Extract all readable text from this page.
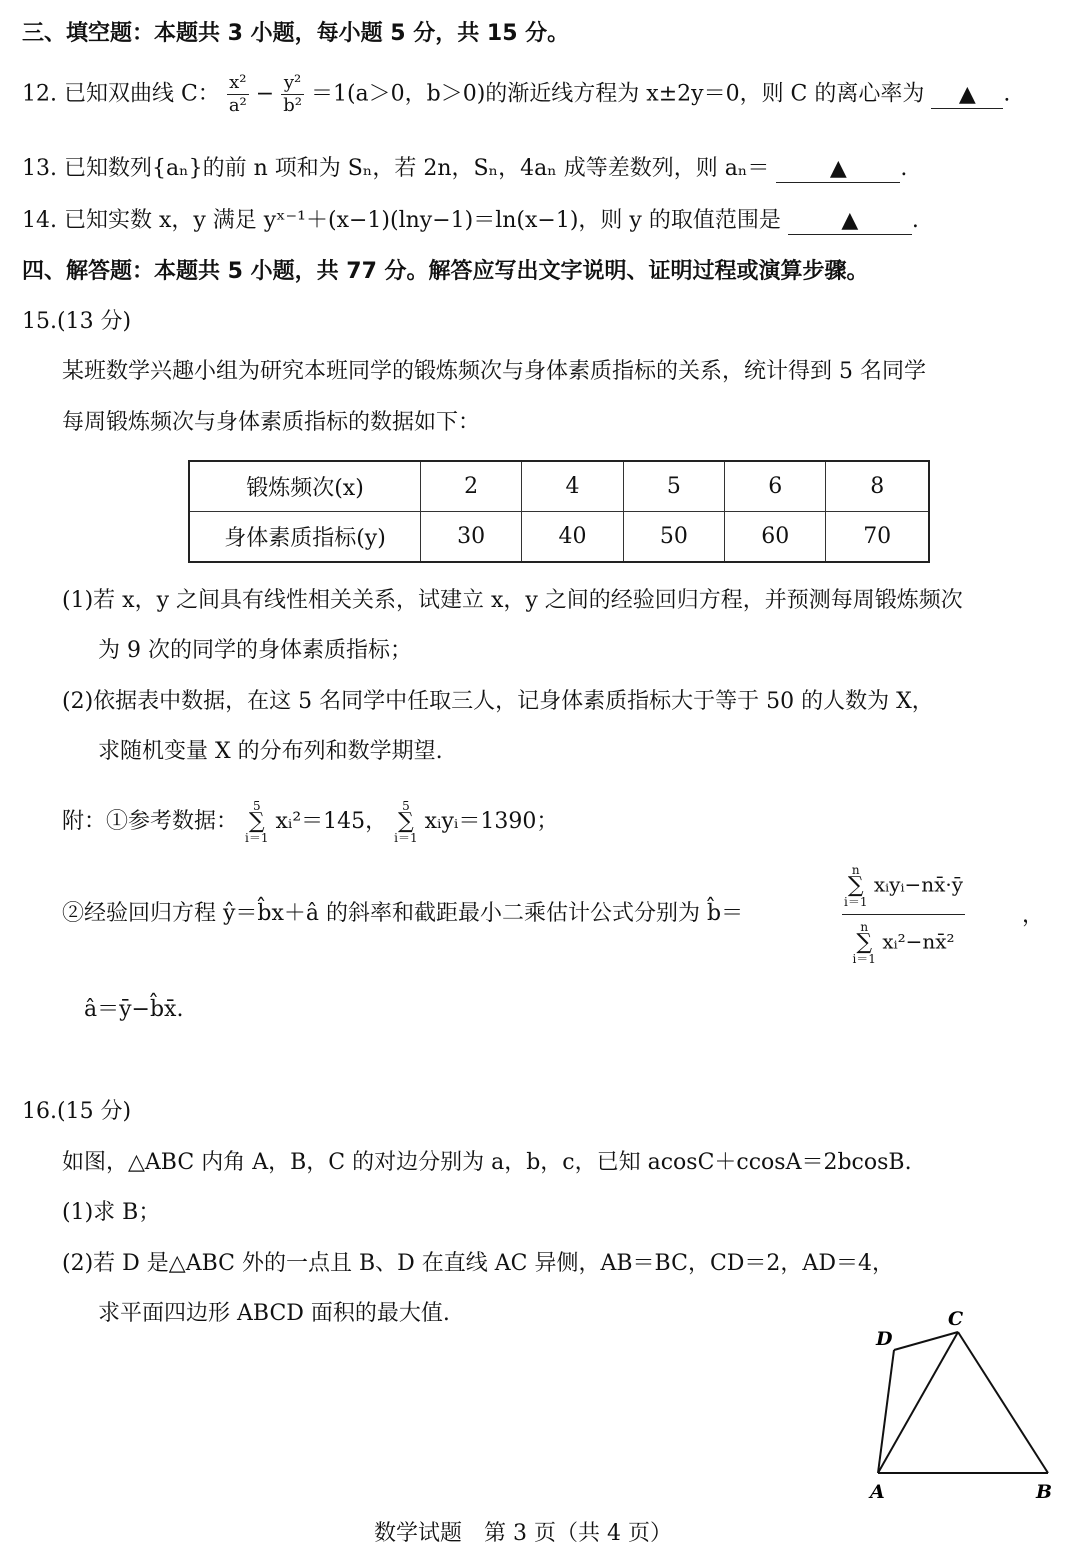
三、填空题：本题共 3 小题，每小题 5 分，共 15 分。
12. 已知双曲线 C： $\frac{\text{x²}}{\text{a²}} - \frac{\text{y²}}{\text{b²}} =1(a>0$，b＞0)的渐近线方程为 x±2y＝0，则 C 的离心率为 ▲ .
13. 已知数列{aₙ}的前 n 项和为 Sₙ，若 2n，Sₙ，4aₙ 成等差数列，则 aₙ＝	▲ .
14. 已知实数 x，y 满足 yˣ⁻¹＋(x−1)(lny−1)＝ln(x−1)，则 y 的取值范围是	▲ .
四、解答题：本题共 5 小题，共 77 分。解答应写出文字说明、证明过程或演算步骤。
15.(13 分)
某班数学兴趣小组为研究本班同学的锻炼频次与身体素质指标的关系，统计得到 5 名同学
每周锻炼频次与身体素质指标的数据如下：
锻炼频次(x)	2	4	5	6	8
身体素质指标(y)	30	40	50	60	70
(1)若 x，y 之间具有线性相关关系，试建立 x，y 之间的经验回归方程，并预测每周锻炼频次
为 9 次的同学的身体素质指标；
(2)依据表中数据，在这 5 名同学中任取三人，记身体素质指标大于等于 50 的人数为 X，
求随机变量 X 的分布列和数学期望.
附：①参考数据：
5
∑
i＝1
xᵢ²＝145，
5
∑
i＝1
xᵢyᵢ＝1390；
②经验回归方程 ŷ＝b̂x＋â 的斜率和截距最小二乘估计公式分别为 b̂＝	n
∑
i＝1
xᵢyᵢ−nx̄·ȳ
n
∑
i＝1
xᵢ²−nx̄²	，
â＝ȳ−b̂x̄.
16.(15 分)
如图，△ABC 内角 A，B，C 的对边分别为 a，b，c，已知 acosC＋ccosA＝2bcosB.
(1)求 B；
(2)若 D 是△ABC 外的一点且 B、D 在直线 AC 异侧，AB＝BC，CD＝2，AD＝4，
求平面四边形 ABCD 面积的最大值.
A	B
C
D
数学试题　第 3 页（共 4 页）
